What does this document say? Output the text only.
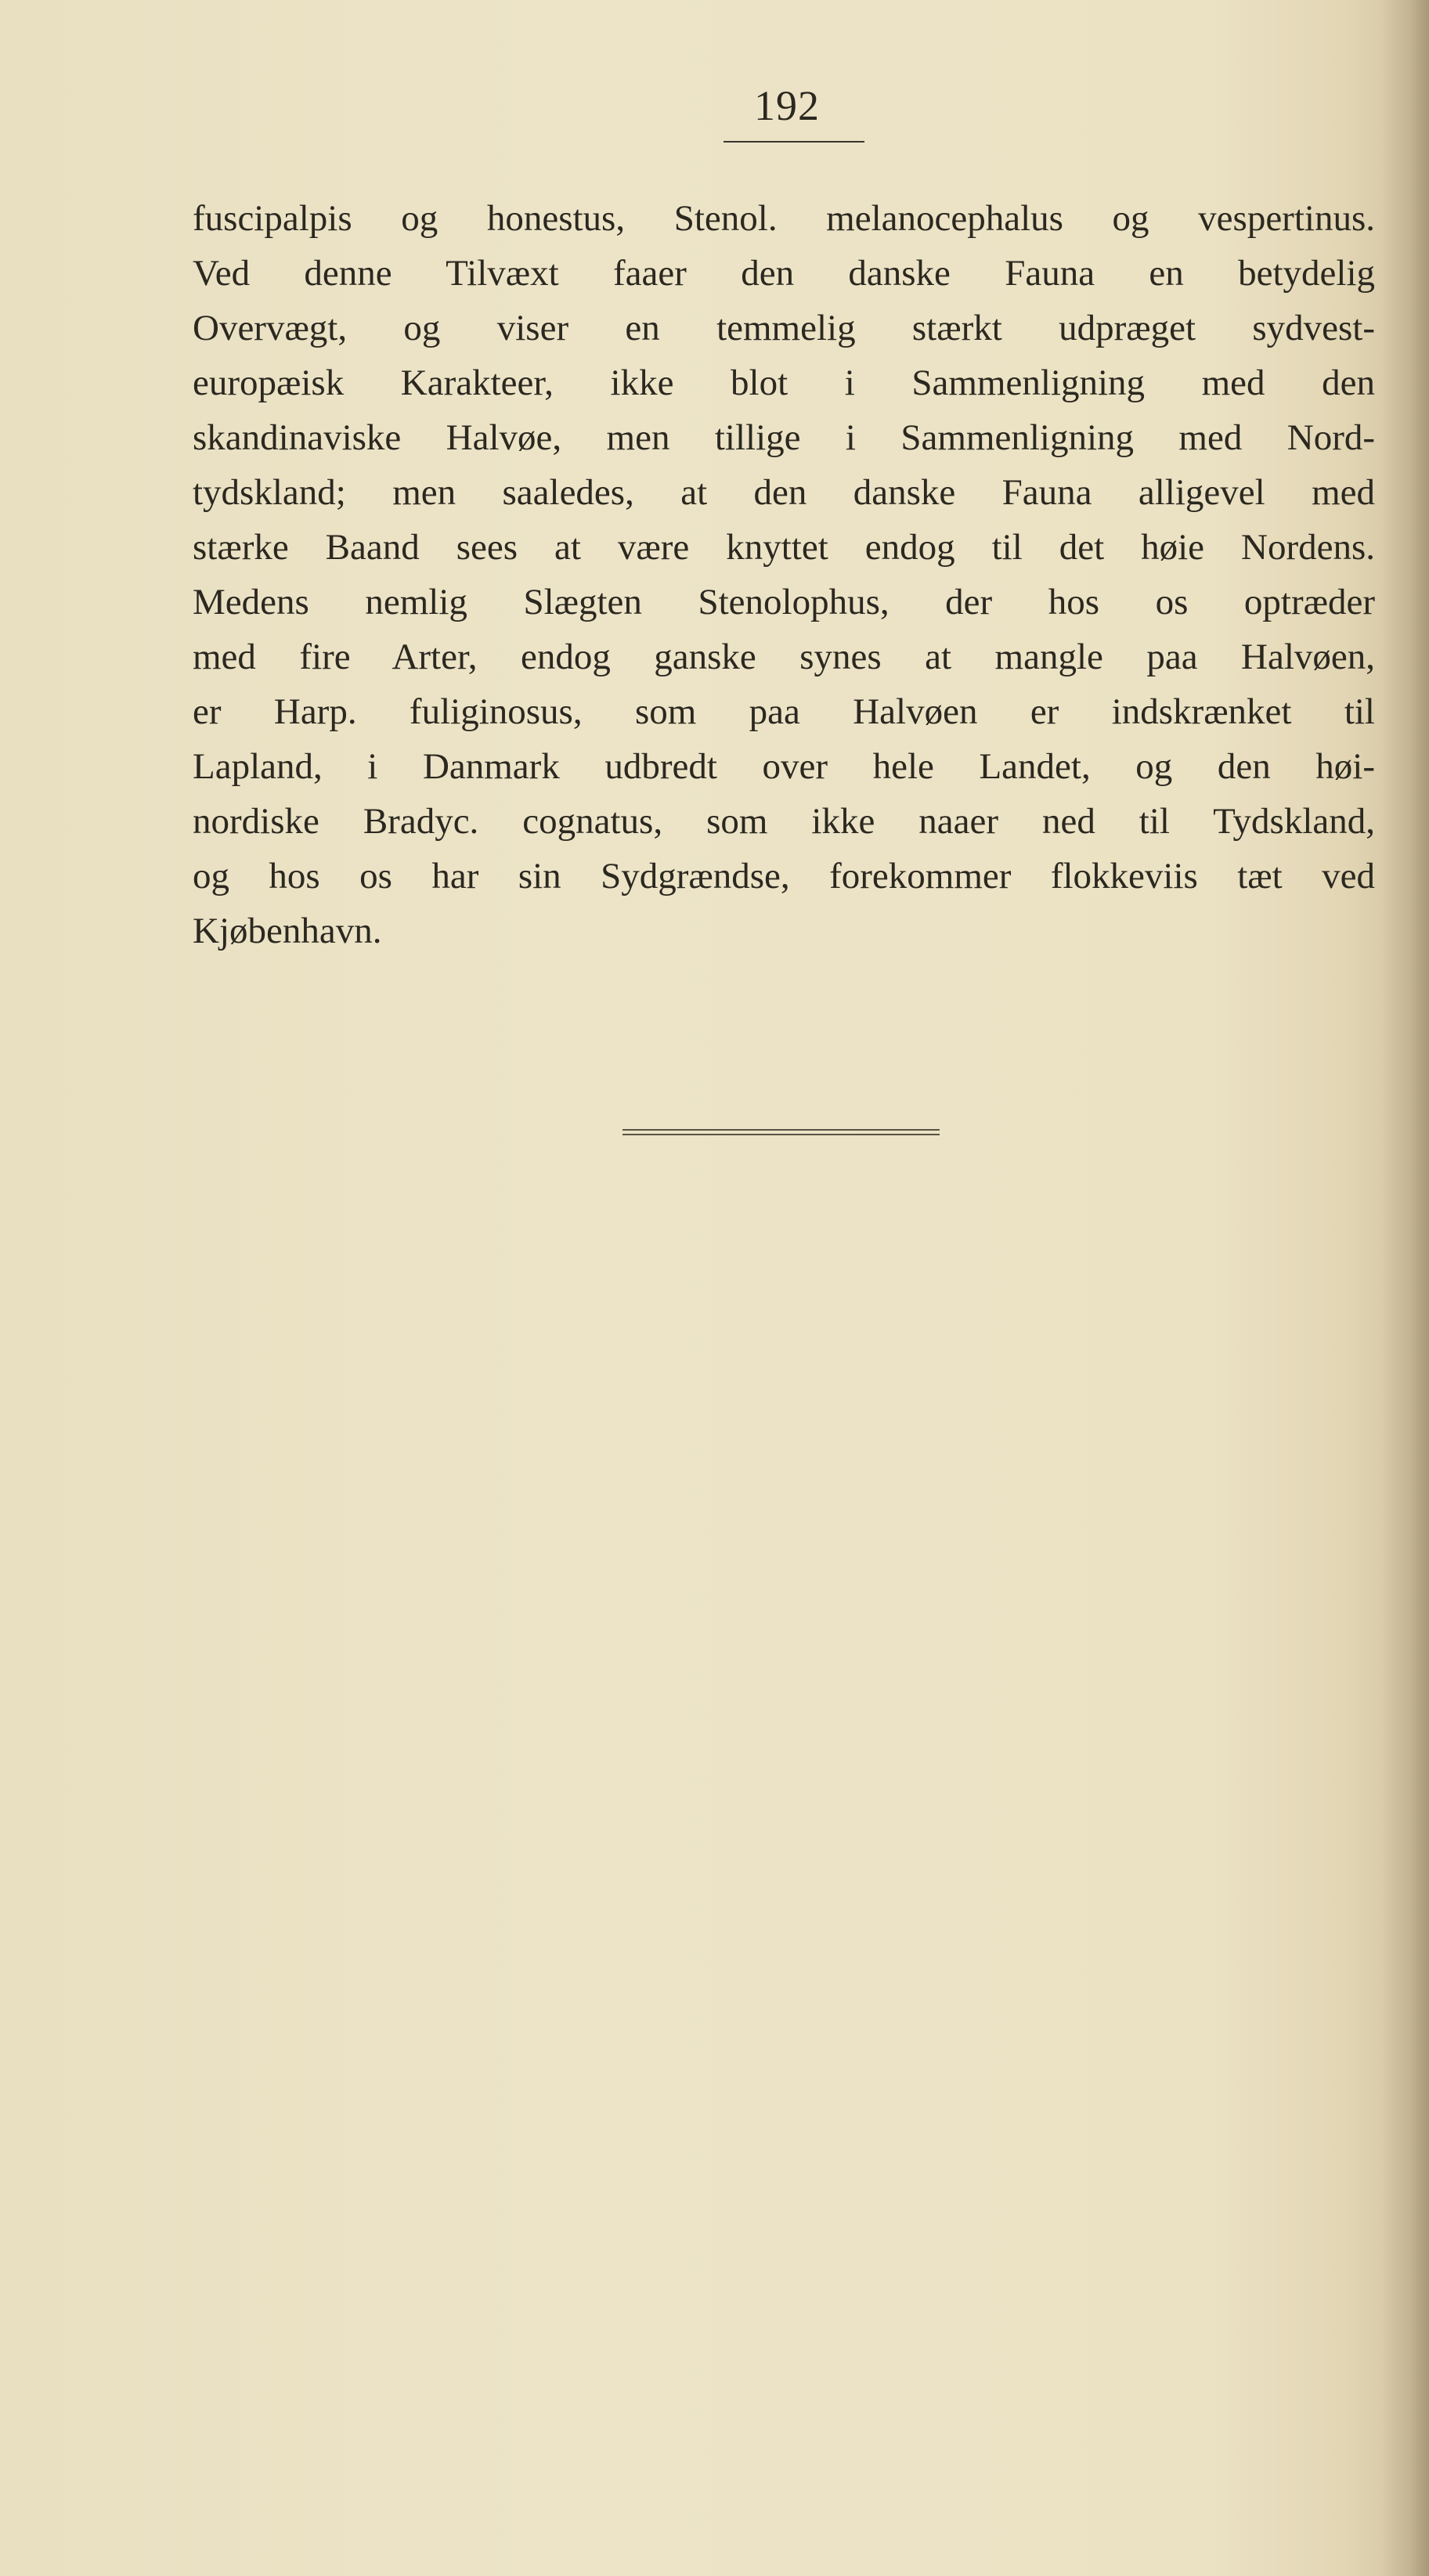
192
fuscipalpis og honestus, Stenol. melanocephalus og vespertinus.
Ved denne Tilvæxt faaer den danske Fauna en betydelig
Overvægt, og viser en temmelig stærkt udpræget sydvest-
europæisk Karakteer, ikke blot i Sammenligning med den
skandinaviske Halvøe, men tillige i Sammenligning med Nord-
tydskland; men saaledes, at den danske Fauna alligevel med
stærke Baand sees at være knyttet endog til det høie Nordens.
Medens nemlig Slægten Stenolophus, der hos os optræder
med fire Arter, endog ganske synes at mangle paa Halvøen,
er Harp. fuliginosus, som paa Halvøen er indskrænket til
Lapland, i Danmark udbredt over hele Landet, og den høi-
nordiske Bradyc. cognatus, som ikke naaer ned til Tydskland,
og hos os har sin Sydgrændse, forekommer flokkeviis tæt ved
Kjøbenhavn.
